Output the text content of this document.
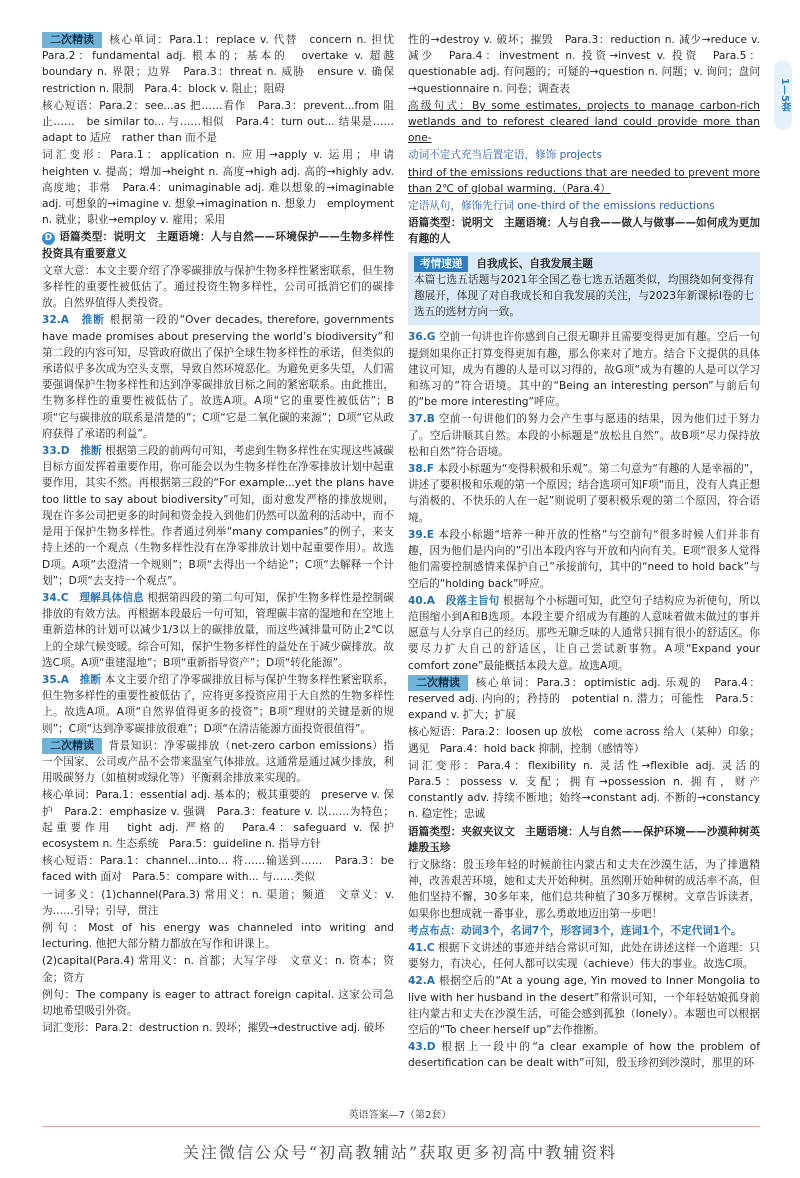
二次精读 核心单词：Para.1：replace v. 代替　concern n. 担忧　Para.2：fundamental adj. 根本的；基本的　overtake v. 超越　boundary n. 界限；边界　Para.3：threat n. 威胁　ensure v. 确保　restriction n. 限制　Para.4：block v. 阻止；阻碍

核心短语：Para.2：see...as 把……看作　Para.3：prevent...from 阻止……　be similar to... 与……相似　Para.4：turn out... 结果是……　adapt to 适应　rather than 而不是

词汇变形：Para.1：application n. 应用→apply v. 运用；申请　heighten v. 提高；增加→height n. 高度→high adj. 高的→highly adv. 高度地；非常　Para.4：unimaginable adj. 难以想象的→imaginable adj. 可想象的→imagine v. 想象→imagination n. 想象力　employment n. 就业；职业→employ v. 雇用；采用

D 语篇类型：说明文　主题语境：人与自然——环境保护——生物多样性投资具有重要意义

文章大意：本文主要介绍了净零碳排放与保护生物多样性紧密联系，但生物多样性的重要性被低估了。通过投资生物多样性，公司可抵消它们的碳排放。自然界值得人类投资。

32.A　推断 根据第一段的“Over decades, therefore, governments have made promises about preserving the world’s biodiversity”和第二段的内容可知，尽管政府做出了保护全球生物多样性的承诺，但类似的承诺似乎多次成为空头支票，导致自然环境恶化。为避免更多失望，人们需要强调保护生物多样性和达到净零碳排放目标之间的紧密联系。由此推出，生物多样性的重要性被低估了。故选A项。A项“它的重要性被低估”；B项“它与碳排放的联系是清楚的”；C项“它是二氧化碳的来源”；D项“它从政府获得了承诺的利益”。

33.D　推断 根据第三段的前两句可知，考虑到生物多样性在实现这些减碳目标方面发挥着重要作用，你可能会以为生物多样性在净零排放计划中起重要作用，其实不然。再根据第三段的“For example...yet the plans have too little to say about biodiversity”可知，面对愈发严格的排放规则，现在许多公司把更多的时间和资金投入到他们仍然可以盈利的活动中，而不是用于保护生物多样性。作者通过列举“many companies”的例子，来支持上述的一个观点（生物多样性没有在净零排放计划中起重要作用）。故选D项。A项“去澄清一个规则”；B项“去得出一个结论”；C项“去解释一个计划”；D项“去支持一个观点”。

34.C　理解具体信息 根据第四段的第二句可知，保护生物多样性是控制碳排放的有效方法。再根据本段最后一句可知，管理碳丰富的湿地和在空地上重新造林的计划可以减少1/3以上的碳排放量，而这些减排量可防止2℃以上的全球气候变暖。综合可知，保护生物多样性的益处在于减少碳排放。故选C项。A项“重建湿地”；B项“重新指导资产”；D项“转化能源”。

35.A　推断 本文主要介绍了净零碳排放目标与保护生物多样性紧密联系，但生物多样性的重要性被低估了，应将更多投资应用于大自然的生物多样性上。故选A项。A项“自然界值得更多的投资”；B项“理财的关键是新的规则”；C项“达到净零碳排放很难”；D项“在清洁能源方面投资很值得”。

二次精读 背景知识：净零碳排放（net-zero carbon emissions）指一个国家、公司或产品不会带来温室气体排放。这通常是通过减少排放，利用吸碳努力（如植树或绿化等）平衡剩余排放来实现的。

核心单词：Para.1：essential adj. 基本的；极其重要的　preserve v. 保护　Para.2：emphasize v. 强调　Para.3：feature v. 以……为特色；起重要作用　tight adj. 严格的　Para.4：safeguard v. 保护　ecosystem n. 生态系统　Para.5：guideline n. 指导方针

核心短语：Para.1：channel...into... 将……输送到……　Para.3：be faced with 面对　Para.5：compare with... 与……类似

一词多义：(1)channel(Para.3) 常用义：n. 渠道；频道　文章义：v. 为……引导；引导，贯注

例句：Most of his energy was channeled into writing and lecturing. 他把大部分精力都放在写作和讲课上。

(2)capital(Para.4) 常用义：n. 首都；大写字母　文章义：n. 资本；资金；资方

例句：The company is eager to attract foreign capital. 这家公司急切地希望吸引外资。

词汇变形：Para.2：destruction n. 毁坏；摧毁→destructive adj. 破坏

性的→destroy v. 破坏；摧毁　Para.3：reduction n. 减少→reduce v. 减少　Para.4：investment n. 投资→invest v. 投资　Para.5：questionable adj. 有问题的；可疑的→question n. 问题；v. 询问；盘问→questionnaire n. 问卷；调查表

高级句式：By some estimates, projects to manage carbon-rich wetlands and to reforest cleared land could provide more than one-

动词不定式充当后置定语，修饰 projects

third of the emissions reductions that are needed to prevent more than 2℃ of global warming.（Para.4）

定语从句，修饰先行词 one-third of the emissions reductions

语篇类型：说明文　主题语境：人与自我——做人与做事——如何成为更加有趣的人

考情速递 自我成长、自我发展主题

本篇七选五话题与2021年全国乙卷七选五话题类似，均围绕如何变得有趣展开，体现了对自我成长和自我发展的关注，与2023年新课标Ⅰ卷的七选五的选材方向一致。

36.G 空前一句讲也许你感到自己很无聊并且需要变得更加有趣。空后一句提到如果你正打算变得更加有趣，那么你来对了地方。结合下文提供的具体建议可知，成为有趣的人是可以习得的，故G项“成为有趣的人是可以学习和练习的”符合语境。其中的“Being an interesting person”与前后句的“be more interesting”呼应。

37.B 空前一句讲他们的努力会产生事与愿违的结果，因为他们过于努力了。空后讲顺其自然。本段的小标题是“放松且自然”。故B项“尽力保持放松和自然”符合语境。

38.F 本段小标题为“变得积极和乐观”。第二句意为“有趣的人是幸福的”，讲述了要积极和乐观的第一个原因；结合选项可知F项“而且，没有人真正想与消极的、不快乐的人在一起”则说明了要积极乐观的第二个原因，符合语境。

39.E 本段小标题“培养一种开放的性格”与空前句“很多时候人们并非有趣，因为他们是内向的”引出本段内容与开放和内向有关。E项“很多人觉得他们需要控制感情来保护自己”承接前句，其中的“need to hold back”与空后的“holding back”呼应。

40.A　段落主旨句 根据每个小标题可知，此空句子结构应为祈使句，所以范围缩小到A和B选项。本段主要介绍成为有趣的人意味着做未做过的事并愿意与人分享自己的经历。那些无聊乏味的人通常只拥有很小的舒适区。你要尽力扩大自己的舒适区，让自己尝试新事物。A项“Expand your comfort zone”最能概括本段大意。故选A项。

二次精读 核心单词：Para.3：optimistic adj. 乐观的　Para.4：reserved adj. 内向的；矜持的　potential n. 潜力；可能性　Para.5：expand v. 扩大；扩展

核心短语：Para.2：loosen up 放松　come across 给人（某种）印象；遇见　Para.4：hold back 抑制，控制（感情等）

词汇变形：Para.4：flexibility n. 灵活性→flexible adj. 灵活的　Para.5：possess v. 支配；拥有→possession n. 拥有，财产　constantly adv. 持续不断地；始终→constant adj. 不断的→constancy n. 稳定性；忠诚

语篇类型：夹叙夹议文　主题语境：人与自然——保护环境——沙漠种树英雄殷玉珍

行文脉络：殷玉珍年轻的时候前往内蒙古和丈夫在沙漠生活，为了排遣精神，改善艰苦环境，她和丈夫开始种树。虽然刚开始种树的成活率不高，但他们坚持不懈，30多年来，他们总共种植了30多万棵树。文章告诉读者，如果你也想成就一番事业，那么勇敢地迈出第一步吧！

考点布点：动词3个，名词7个，形容词3个，连词1个，不定代词1个。

41.C 根据下文讲述的事迹并结合常识可知，此处在讲述这样一个道理：只要努力，有决心，任何人都可以实现（achieve）伟大的事业。故选C项。

42.A 根据空后的“At a young age, Yin moved to Inner Mongolia to live with her husband in the desert”和常识可知，一个年轻姑娘孤身前往内蒙古和丈夫在沙漠生活，可能会感到孤独（lonely）。本题也可以根据空后的“To cheer herself up”去作推断。

43.D 根据上一段中的“a clear example of how the problem of desertification can be dealt with”可知，殷玉珍初到沙漠时，那里的环

1—5套
英语答案—7（第2套）
关注微信公众号“初高教辅站”获取更多初高中教辅资料
